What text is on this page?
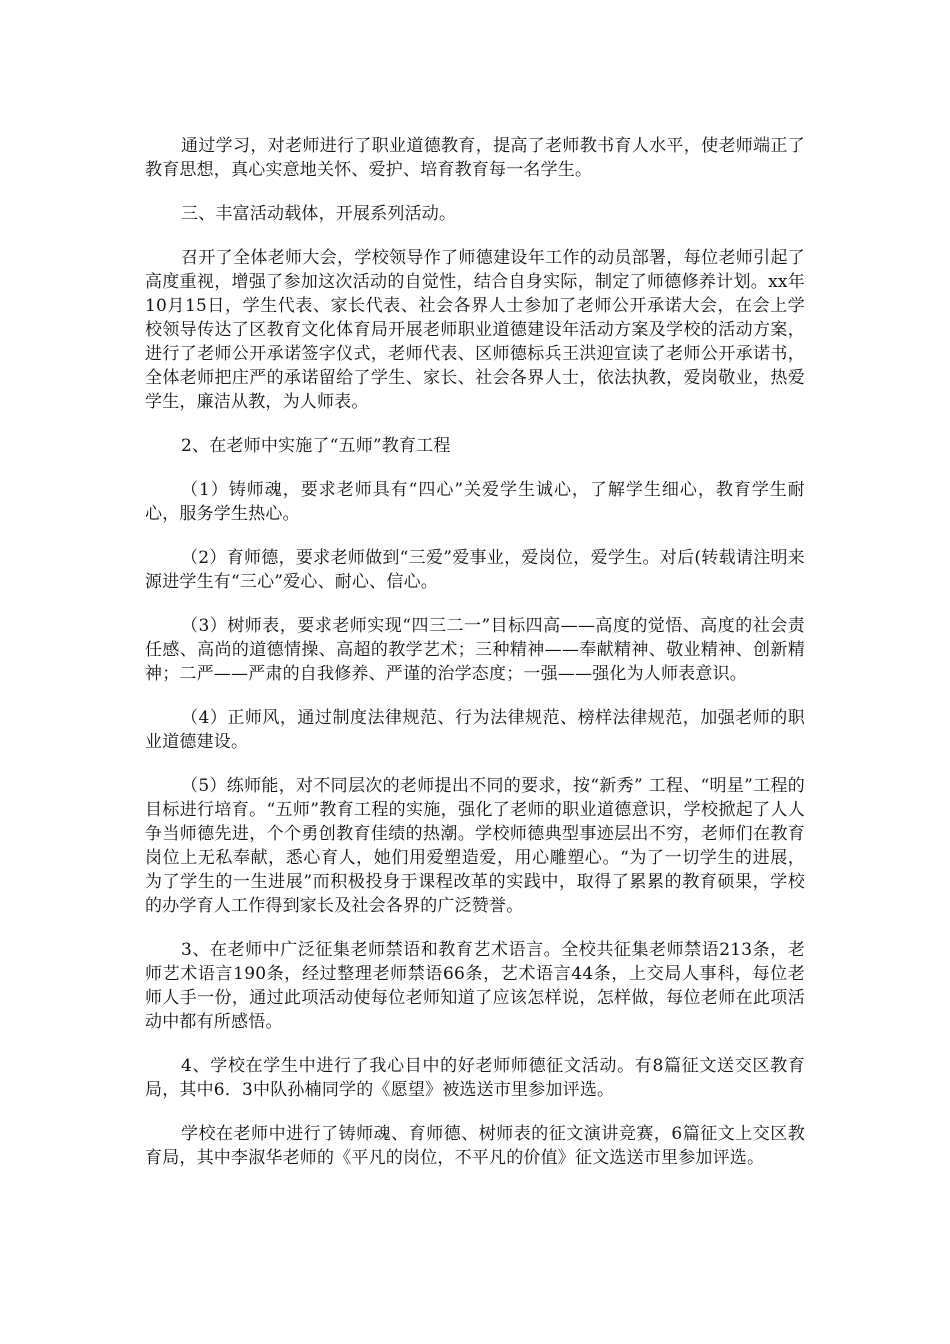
通过学习，对老师进行了职业道德教育，提高了老师教书育人水平，使老师端正了教育思想，真心实意地关怀、爱护、培育教育每一名学生。

三、丰富活动载体，开展系列活动。

召开了全体老师大会，学校领导作了师德建设年工作的动员部署，每位老师引起了高度重视，增强了参加这次活动的自觉性，结合自身实际，制定了师德修养计划。xx年10月15日，学生代表、家长代表、社会各界人士参加了老师公开承诺大会，在会上学校领导传达了区教育文化体育局开展老师职业道德建设年活动方案及学校的活动方案，进行了老师公开承诺签字仪式，老师代表、区师德标兵王洪迎宣读了老师公开承诺书，全体老师把庄严的承诺留给了学生、家长、社会各界人士，依法执教，爱岗敬业，热爱学生，廉洁从教，为人师表。

2、在老师中实施了“五师”教育工程

（1）铸师魂，要求老师具有“四心”关爱学生诚心，了解学生细心，教育学生耐心，服务学生热心。

（2）育师德，要求老师做到“三爱”爱事业，爱岗位，爱学生。对后(转载请注明来源进学生有“三心”爱心、耐心、信心。

（3）树师表，要求老师实现“四三二一”目标四高——高度的觉悟、高度的社会责任感、高尚的道德情操、高超的教学艺术；三种精神——奉献精神、敬业精神、创新精神；二严——严肃的自我修养、严谨的治学态度；一强——强化为人师表意识。

（4）正师风，通过制度法律规范、行为法律规范、榜样法律规范，加强老师的职业道德建设。

（5）练师能，对不同层次的老师提出不同的要求，按“新秀” 工程、“明星”工程的目标进行培育。“五师”教育工程的实施，强化了老师的职业道德意识，学校掀起了人人争当师德先进，个个勇创教育佳绩的热潮。学校师德典型事迹层出不穷，老师们在教育岗位上无私奉献，悉心育人，她们用爱塑造爱，用心雕塑心。“为了一切学生的进展，为了学生的一生进展”而积极投身于课程改革的实践中，取得了累累的教育硕果，学校的办学育人工作得到家长及社会各界的广泛赞誉。

3、在老师中广泛征集老师禁语和教育艺术语言。全校共征集老师禁语213条，老师艺术语言190条，经过整理老师禁语66条，艺术语言44条，上交局人事科，每位老师人手一份，通过此项活动使每位老师知道了应该怎样说，怎样做，每位老师在此项活动中都有所感悟。

4、学校在学生中进行了我心目中的好老师师德征文活动。有8篇征文送交区教育局，其中6．3中队孙楠同学的《愿望》被选送市里参加评选。

学校在老师中进行了铸师魂、育师德、树师表的征文演讲竞赛，6篇征文上交区教育局，其中李淑华老师的《平凡的岗位，不平凡的价值》征文选送市里参加评选。
